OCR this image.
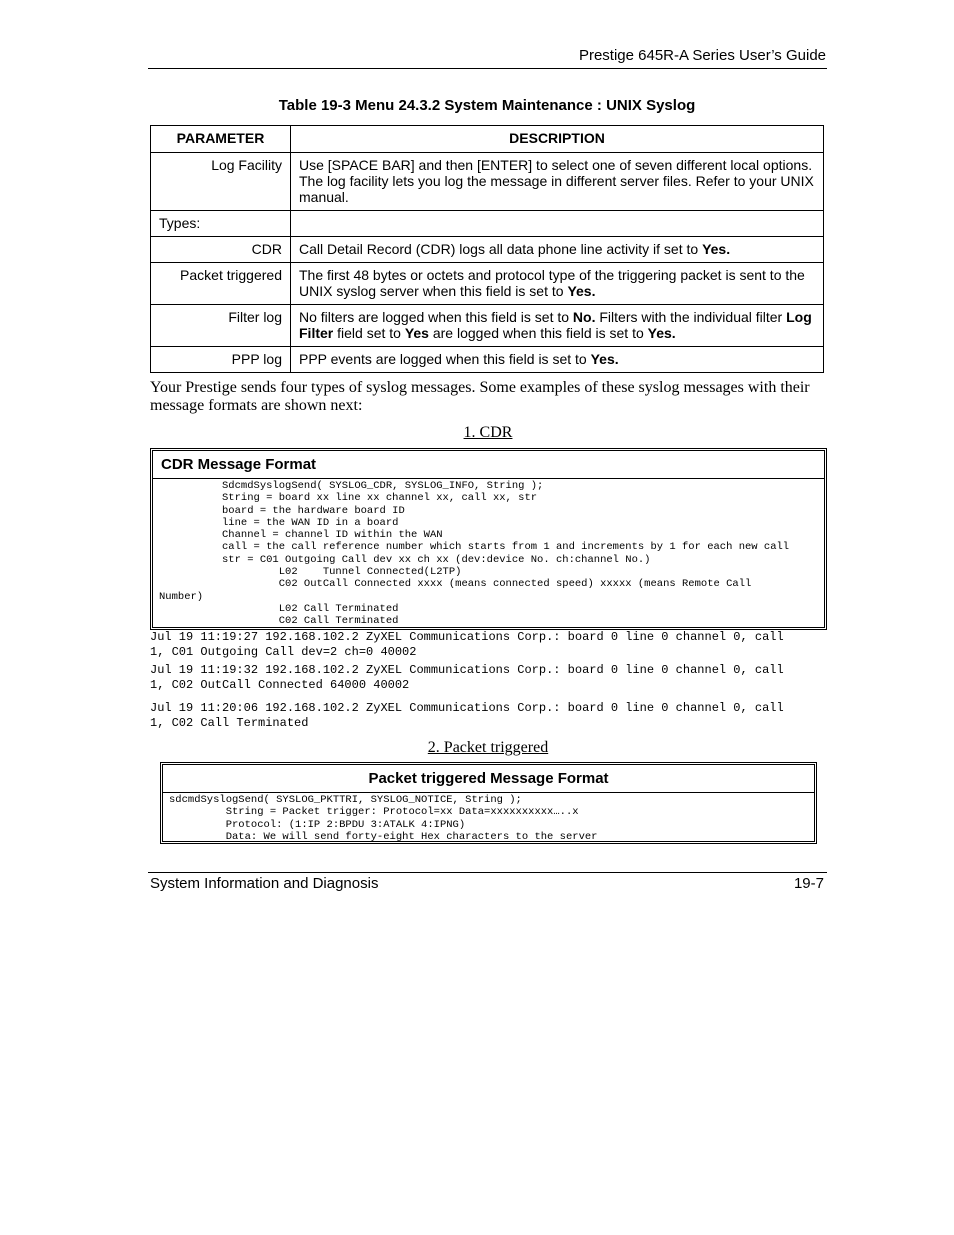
Prestige 645R-A Series User’s Guide
Table 19-3 Menu 24.3.2 System Maintenance : UNIX Syslog
PARAMETER	DESCRIPTION
Log Facility	Use [SPACE BAR] and then [ENTER] to select one of seven different local options. The log facility lets you log the message in different server files. Refer to your UNIX manual.
Types:	
CDR	Call Detail Record (CDR) logs all data phone line activity if set to Yes.
Packet triggered	The first 48 bytes or octets and protocol type of the triggering packet is sent to the UNIX syslog server when this field is set to Yes.
Filter log	No filters are logged when this field is set to No. Filters with the individual filter Log Filter field set to Yes are logged when this field is set to Yes.
PPP log	PPP events are logged when this field is set to Yes.
Your Prestige sends four types of syslog messages. Some examples of these syslog messages with their message formats are shown next:
1. CDR
CDR Message Format
SdcmdSyslogSend( SYSLOG_CDR, SYSLOG_INFO, String );
String = board xx line xx channel xx, call xx, str
board = the hardware board ID
line = the WAN ID in a board
Channel = channel ID within the WAN
call = the call reference number which starts from 1 and increments by 1 for each new call
str = C01 Outgoing Call dev xx ch xx (dev:device No. ch:channel No.)
L02    Tunnel Connected(L2TP)
C02 OutCall Connected xxxx (means connected speed) xxxxx (means Remote Call
Number)
L02 Call Terminated
C02 Call Terminated
Jul 19 11:19:27 192.168.102.2 ZyXEL Communications Corp.: board 0 line 0 channel 0, call
1, C01 Outgoing Call dev=2 ch=0 40002
Jul 19 11:19:32 192.168.102.2 ZyXEL Communications Corp.: board 0 line 0 channel 0, call
1, C02 OutCall Connected 64000 40002
Jul 19 11:20:06 192.168.102.2 ZyXEL Communications Corp.: board 0 line 0 channel 0, call
1, C02 Call Terminated
2. Packet triggered
Packet triggered Message Format
sdcmdSyslogSend( SYSLOG_PKTTRI, SYSLOG_NOTICE, String );
String = Packet trigger: Protocol=xx Data=xxxxxxxxxx…..x
Protocol: (1:IP 2:BPDU 3:ATALK 4:IPNG)
Data: We will send forty-eight Hex characters to the server
System Information and Diagnosis	19-7
